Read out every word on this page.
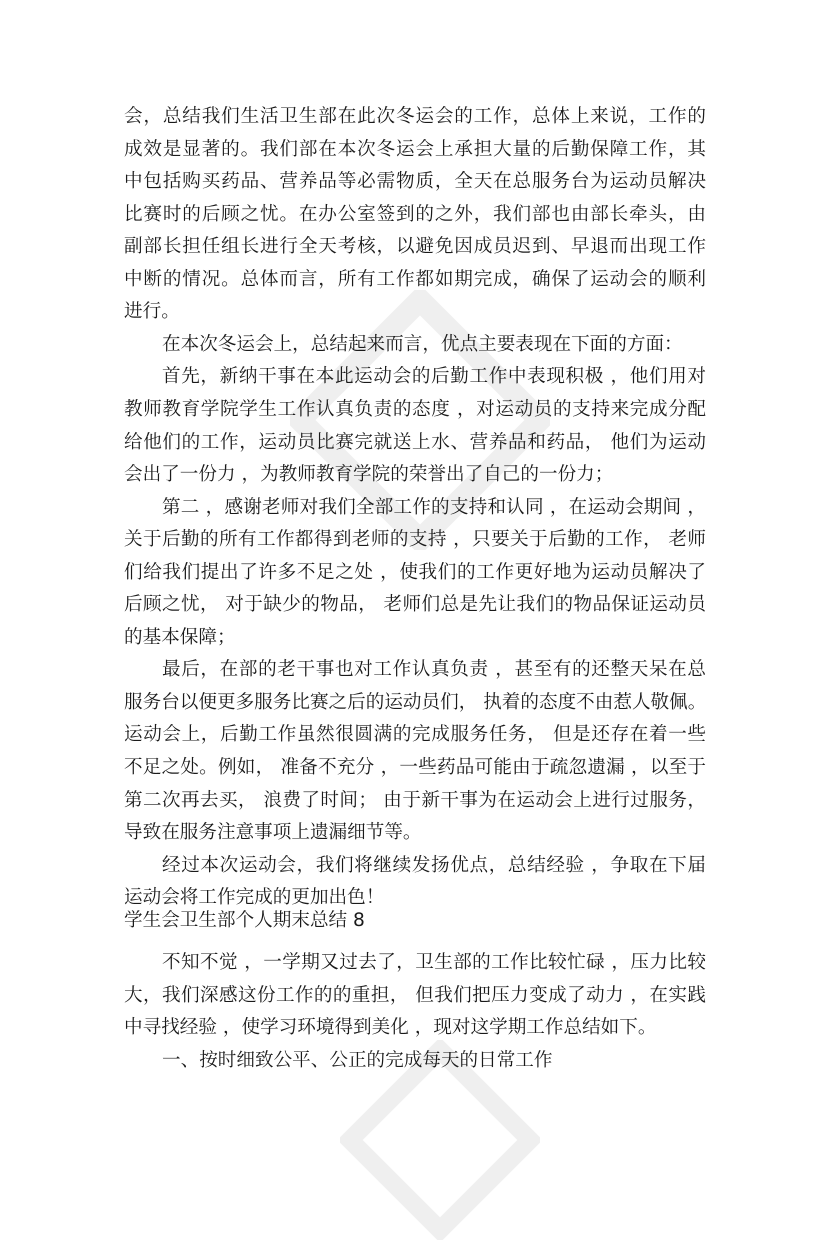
会，总结我们生活卫生部在此次冬运会的工作，总体上来说，工作的
成效是显著的。我们部在本次冬运会上承担大量的后勤保障工作，其
中包括购买药品、营养品等必需物质，全天在总服务台为运动员解决
比赛时的后顾之忧。在办公室签到的之外，我们部也由部长牵头，由
副部长担任组长进行全天考核，以避免因成员迟到、早退而出现工作
中断的情况。总体而言，所有工作都如期完成，确保了运动会的顺利
进行。
在本次冬运会上，总结起来而言，优点主要表现在下面的方面：
首先，新纳干事在本此运动会的后勤工作中表现积极 ，他们用对
教师教育学院学生工作认真负责的态度 ，对运动员的支持来完成分配
给他们的工作，运动员比赛完就送上水、营养品和药品， 他们为运动
会出了一份力 ，为教师教育学院的荣誉出了自己的一份力；
第二 ，感谢老师对我们全部工作的支持和认同 ，在运动会期间 ，
关于后勤的所有工作都得到老师的支持 ，只要关于后勤的工作， 老师
们给我们提出了许多不足之处 ，使我们的工作更好地为运动员解决了
后顾之忧， 对于缺少的物品， 老师们总是先让我们的物品保证运动员
的基本保障；
最后，在部的老干事也对工作认真负责 ，甚至有的还整天呆在总
服务台以便更多服务比赛之后的运动员们， 执着的态度不由惹人敬佩。
运动会上，后勤工作虽然很圆满的完成服务任务， 但是还存在着一些
不足之处。例如， 准备不充分 ，一些药品可能由于疏忽遗漏 ，以至于
第二次再去买， 浪费了时间； 由于新干事为在运动会上进行过服务，
导致在服务注意事项上遗漏细节等。
经过本次运动会，我们将继续发扬优点，总结经验 ，争取在下届
运动会将工作完成的更加出色！
学生会卫生部个人期末总结 8
不知不觉 ，一学期又过去了，卫生部的工作比较忙碌 ，压力比较
大，我们深感这份工作的的重担， 但我们把压力变成了动力 ，在实践
中寻找经验 ，使学习环境得到美化 ，现对这学期工作总结如下。
一、按时细致公平、公正的完成每天的日常工作
